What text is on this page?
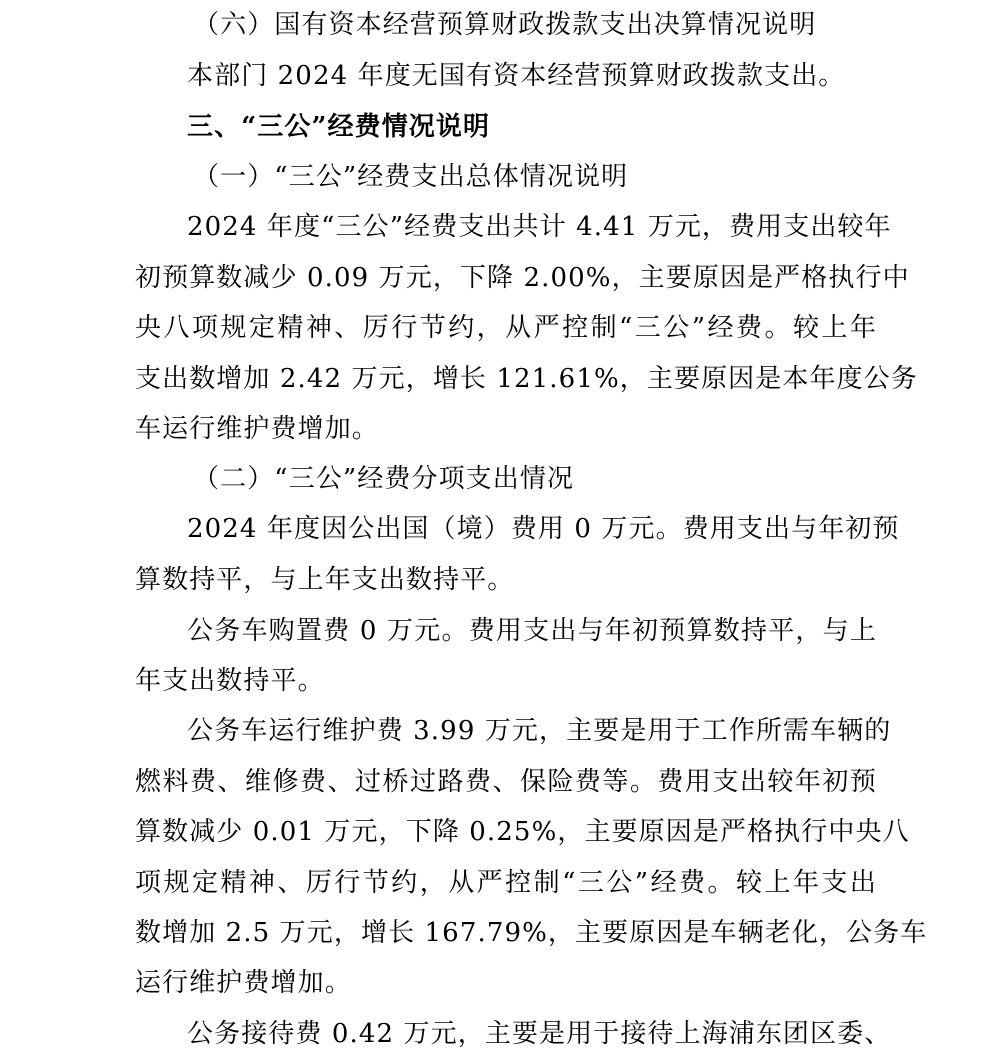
（六）国有资本经营预算财政拨款支出决算情况说明
本部门 2024 年度无国有资本经营预算财政拨款支出。
三、“三公”经费情况说明
（一）“三公”经费支出总体情况说明
2024 年度“三公”经费支出共计 4.41 万元，费用支出较年
初预算数减少 0.09 万元，下降 2.00%，主要原因是严格执行中
央八项规定精神、厉行节约，从严控制“三公”经费。较上年
支出数增加 2.42 万元，增长 121.61%，主要原因是本年度公务
车运行维护费增加。
（二）“三公”经费分项支出情况
2024 年度因公出国（境）费用 0 万元。费用支出与年初预
算数持平，与上年支出数持平。
公务车购置费 0 万元。费用支出与年初预算数持平，与上
年支出数持平。
公务车运行维护费 3.99 万元，主要是用于工作所需车辆的
燃料费、维修费、过桥过路费、保险费等。费用支出较年初预
算数减少 0.01 万元，下降 0.25%，主要原因是严格执行中央八
项规定精神、厉行节约，从严控制“三公”经费。较上年支出
数增加 2.5 万元，增长 167.79%，主要原因是车辆老化，公务车
运行维护费增加。
公务接待费 0.42 万元，主要是用于接待上海浦东团区委、
